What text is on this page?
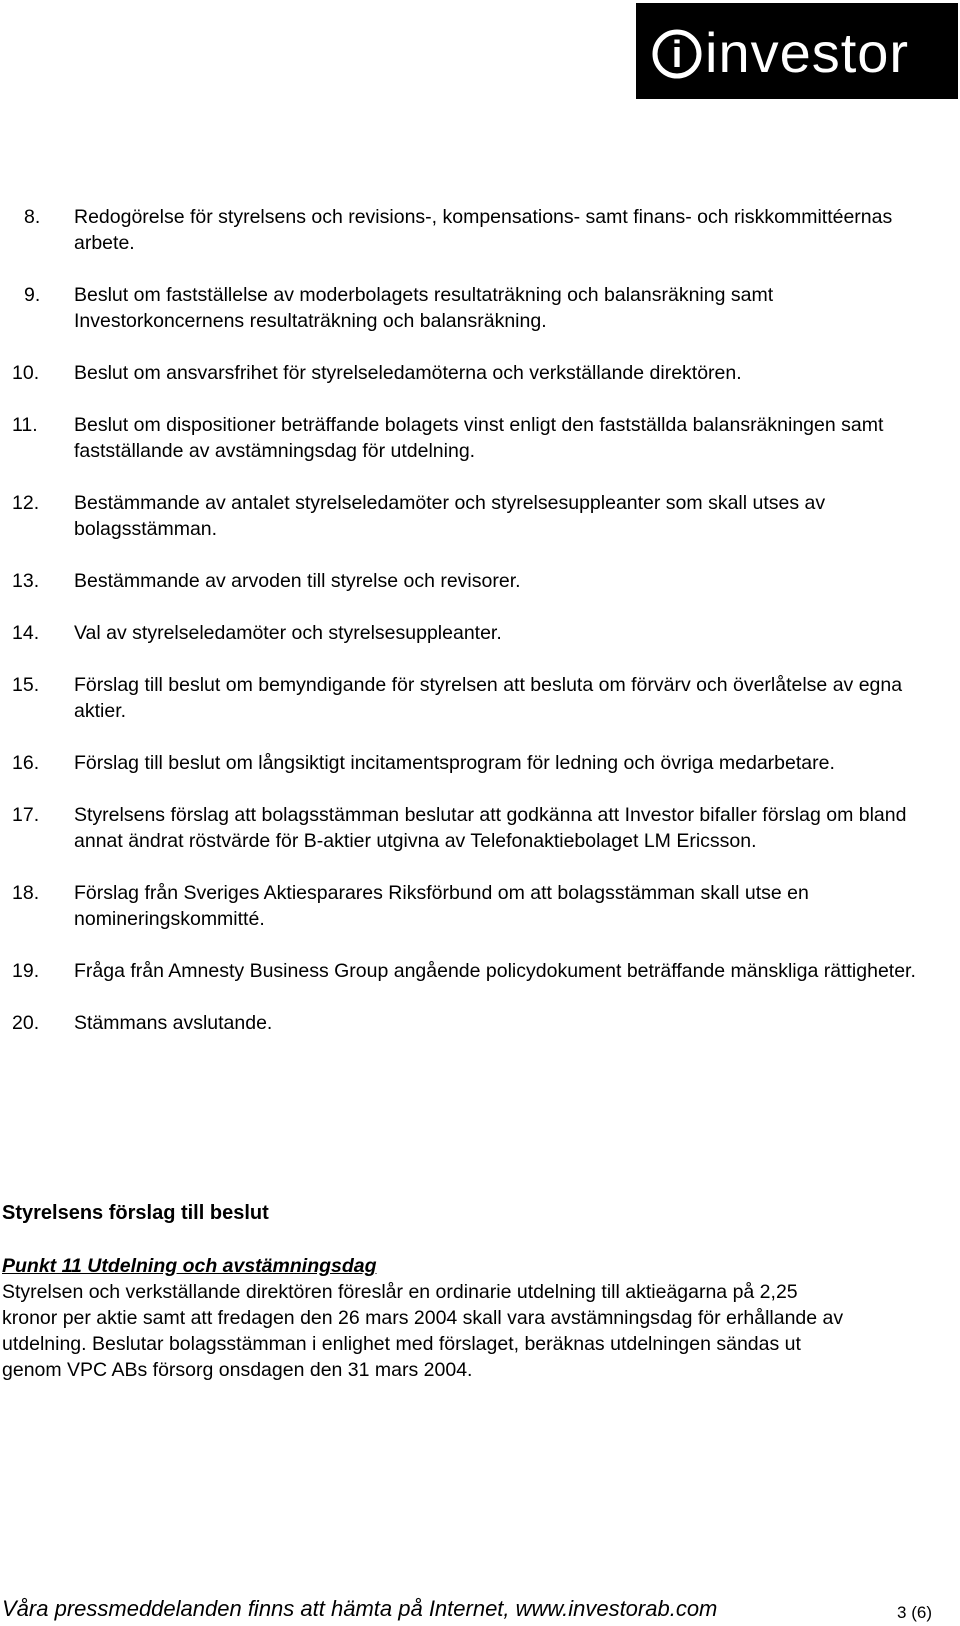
i investor
8.	Redogörelse för styrelsens och revisions-, kompensations- samt finans- och riskkommittéernas arbete.
9.	Beslut om fastställelse av moderbolagets resultaträkning och balansräkning samt Investorkoncernens resultaträkning och balansräkning.
10.	Beslut om ansvarsfrihet för styrelseledamöterna och verkställande direktören.
11.	Beslut om dispositioner beträffande bolagets vinst enligt den fastställda balansräkningen samt fastställande av avstämningsdag för utdelning.
12.	Bestämmande av antalet styrelseledamöter och styrelsesuppleanter som skall utses av bolagsstämman.
13.	Bestämmande av arvoden till styrelse och revisorer.
14.	Val av styrelseledamöter och styrelsesuppleanter.
15.	Förslag till beslut om bemyndigande för styrelsen att besluta om förvärv och överlåtelse av egna aktier.
16.	Förslag till beslut om långsiktigt incitamentsprogram för ledning och övriga medarbetare.
17.	Styrelsens förslag att bolagsstämman beslutar att godkänna att Investor bifaller förslag om bland annat ändrat röstvärde för B-aktier utgivna av Telefonaktiebolaget LM Ericsson.
18.	Förslag från Sveriges Aktiesparares Riksförbund om att bolagsstämman skall utse en nomineringskommitté.
19.	Fråga från Amnesty Business Group angående policydokument beträffande mänskliga rättigheter.
20.	Stämmans avslutande.
Styrelsens förslag till beslut
Punkt 11 Utdelning och avstämningsdag

Styrelsen och verkställande direktören föreslår en ordinarie utdelning till aktieägarna på 2,25 kronor per aktie samt att fredagen den 26 mars 2004 skall vara avstämningsdag för erhållande av utdelning. Beslutar bolagsstämman i enlighet med förslaget, beräknas utdelningen sändas ut genom VPC ABs försorg onsdagen den 31 mars 2004.

Våra pressmeddelanden finns att hämta på Internet, www.investorab.com	3 (6)
